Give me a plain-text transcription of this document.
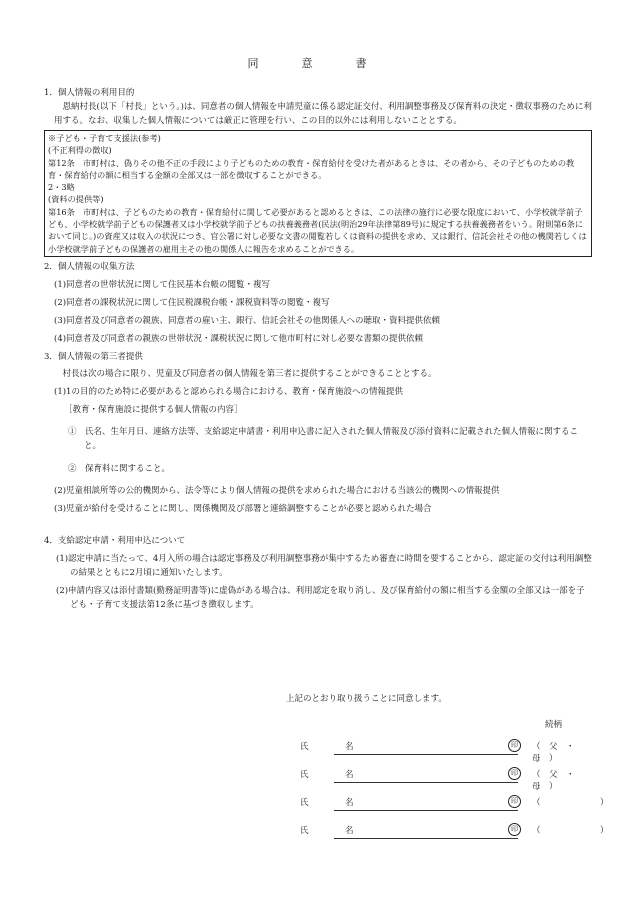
同　意　書

1．個人情報の利用目的

　恩納村長(以下「村長」という。)は、同意者の個人情報を申請児童に係る認定証交付、利用調整事務及び保育料の決定・徴収事務のために利用する。なお、収集した個人情報については厳正に管理を行い、この目的以外には利用しないこととする。

※子ども・子育て支援法(参考)
(不正利得の徴収)
第12条　市町村は、偽りその他不正の手段により子どものための教育・保育給付を受けた者があるときは、その者から、その子どものための教育・保育給付の額に相当する金額の全部又は一部を徴収することができる。
2・3略
(資料の提供等)
第16条　市町村は、子どものための教育・保育給付に関して必要があると認めるときは、この法律の施行に必要な限度において、小学校就学前子ども、小学校就学前子どもの保護者又は小学校就学前子どもの扶養義務者(民法(明治29年法律第89号)に規定する扶養義務者をいう。附則第6条において同じ。)の資産又は収入の状況につき、官公署に対し必要な文書の閲覧若しくは資料の提供を求め、又は銀行、信託会社その他の機関若しくは小学校就学前子どもの保護者の雇用主その他の関係人に報告を求めることができる。

2．個人情報の収集方法

(1)同意者の世帯状況に関して住民基本台帳の閲覧・複写

(2)同意者の課税状況に関して住民税課税台帳・課税資料等の閲覧・複写

(3)同意者及び同意者の親族、同意者の雇い主、銀行、信託会社その他関係人への聴取・資料提供依頼

(4)同意者及び同意者の親族の世帯状況・課税状況に関して他市町村に対し必要な書類の提供依頼

3．個人情報の第三者提供

　村長は次の場合に限り、児童及び同意者の個人情報を第三者に提供することができることとする。

(1)1の目的のため特に必要があると認められる場合における、教育・保育施設への情報提供

［教育・保育施設に提供する個人情報の内容］

①　氏名、生年月日、連絡方法等、支給認定申請書・利用申込書に記入された個人情報及び添付資料に記載された個人情報に関すること。

②　保育料に関すること。

(2)児童相談所等の公的機関から、法令等により個人情報の提供を求められた場合における当該公的機関への情報提供

(3)児童が給付を受けることに関し、関係機関及び部署と連絡調整することが必要と認められた場合

4．支給認定申請・利用申込について

(1)認定申請に当たって、4月入所の場合は認定事務及び利用調整事務が集中するため審査に時間を要することから、認定証の交付は利用調整の結果とともに2月頃に通知いたします。

(2)申請内容又は添付書類(勤務証明書等)に虚偽がある場合は、利用認定を取り消し、及び保育給付の額に相当する金額の全部又は一部を子ども・子育て支援法第12条に基づき徴収します。

上記のとおり取り扱うことに同意します。
続柄
氏　名	印	（　父　・　母　）
氏　名	印	（　父　・　母　）
氏　名	印	（　　　　　　　）
氏　名	印	（　　　　　　　）
